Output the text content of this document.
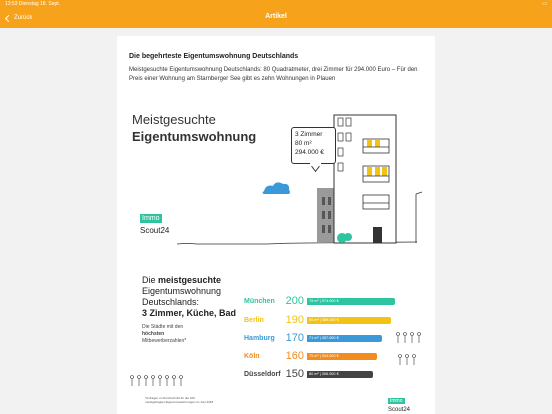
13:53 Dienstag 18. Sept.	▭
Zurück	Artikel
Die begehrteste Eigentumswohnung Deutschlands
Meistgesuchte Eigentumswohnung Deutschlands: 80 Quadratmeter, drei Zimmer für 294.000 Euro – Für den Preis einer Wohnung am Starnberger See gibt es zehn Wohnungen in Plauen
Meistgesuchte
Eigentumswohnung	3 Zimmer
80 m²
294.000 €
Immo
Scout24
Die meistgesuchte
Eigentumswohnung
Deutschlands:
3 Zimmer, Küche, Bad
Die Städte mit den
höchsten
Mitbewerberzahlen*
München 200	75 m² | 574.000 €
Berlin	190	95 m² | 389.000 €
Hamburg 170	71 m² | 357.000 €
Köln	160	75 m² | 304.000 €
Düsseldorf 150	80 m² | 306.000 €
*Anfragen im Durchschnitt für die 100
meistgefragten Eigentumswohnungen im Juni 2018	Immo
Scout24
